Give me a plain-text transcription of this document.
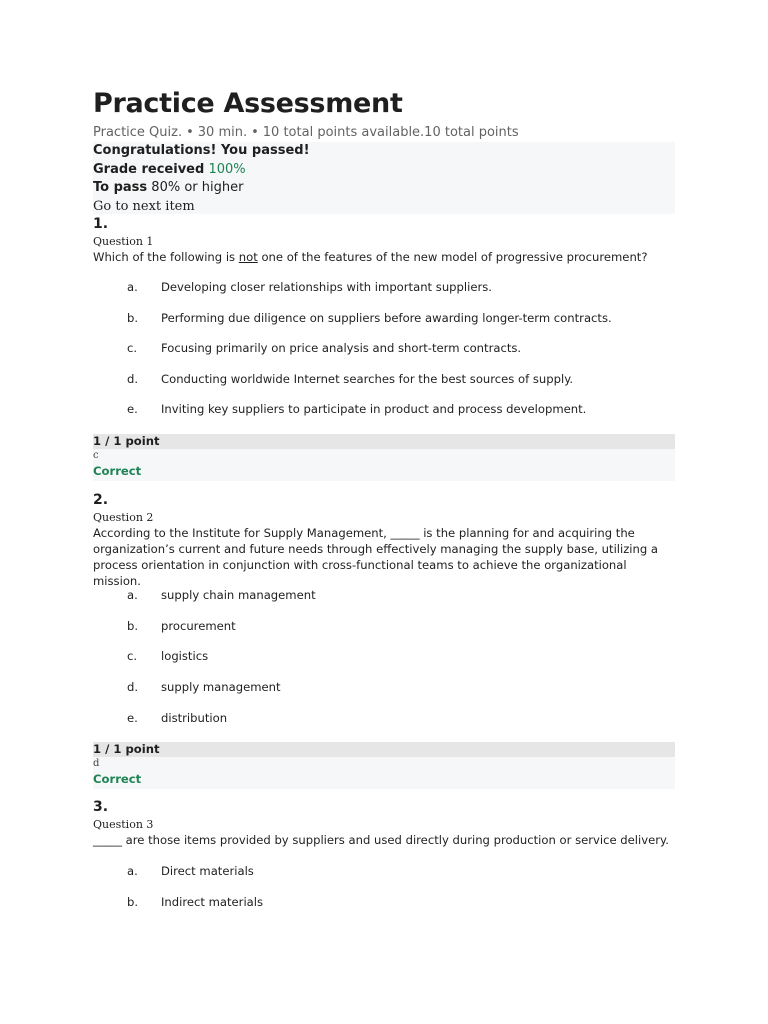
Practice Assessment
Practice Quiz. • 30 min. • 10 total points available.10 total points
Congratulations! You passed!
Grade received 100%
To pass 80% or higher
Go to next item
1.
Question 1
Which of the following is not one of the features of the new model of progressive procurement?
a. Developing closer relationships with important suppliers.
b. Performing due diligence on suppliers before awarding longer-term contracts.
c. Focusing primarily on price analysis and short-term contracts.
d. Conducting worldwide Internet searches for the best sources of supply.
e. Inviting key suppliers to participate in product and process development.
1 / 1 point
c
Correct
2.
Question 2
According to the Institute for Supply Management, _____ is the planning for and acquiring the organization’s current and future needs through effectively managing the supply base, utilizing a process orientation in conjunction with cross-functional teams to achieve the organizational mission.
a. supply chain management
b. procurement
c. logistics
d. supply management
e. distribution
1 / 1 point
d
Correct
3.
Question 3
_____ are those items provided by suppliers and used directly during production or service delivery.
a. Direct materials
b. Indirect materials
